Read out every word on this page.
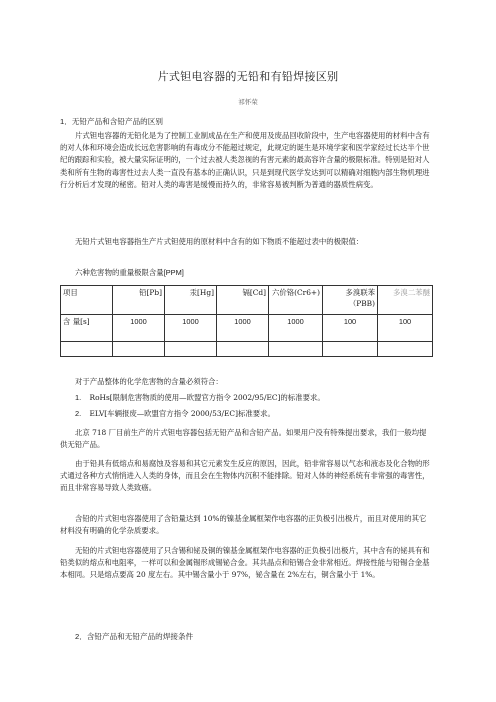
片式钽电容器的无铅和有铅焊接区别
祁怀荣
1．无铅产品和含铅产品的区别
片式钽电容器的无铅化是为了控制工业制成品在生产和使用及废品回收阶段中，生产电容器使用的材料中含有的对人体和环境会造成长远危害影响的有毒成分不能超过规定，此规定的诞生是环境学家和医学家经过长达半个世纪的跟踪和实验，被大量实际证明的，一个过去被人类忽视的有害元素的最高容许含量的极限标准。特别是铅对人类和所有生物的毒害性过去人类一直没有基本的正确认识，只是到现代医学发达到可以精确对细胞内部生物机理进行分析后才发现的秘密。铅对人类的毒害是缓慢而持久的，非常容易被判断为普通的器质性病变。
无铅片式钽电容器指生产片式钽使用的原材料中含有的如下物质不能超过表中的极限值：
六种危害物的重量极限含量[PPM]
项目	铅[Pb]	汞[Hg]	镉[Cd]	六价铬(Cr6+)	多溴联苯（PBB)	多溴二苯醚
含 量[s]	1000	1000	1000	1000	100	100

对于产品整体的化学危害物的含量必须符合：
1. RoHs[限制危害物质的使用—欧盟官方指令 2002/95/EC]的标准要求。
2. ELV[车辆报废—欧盟官方指令 2000/53/EC]标准要求。
北京 718 厂目前生产的片式钽电容器包括无铅产品和含铅产品。如果用户没有特殊提出要求，我们一般均提供无铅产品。
由于铅具有低熔点和易腐蚀及容易和其它元素发生反应的原因，因此，铅非常容易以气态和液态及化合物的形式通过各种方式悄悄进入人类的身体，而且会在生物体内沉积不能排除。铅对人体的神经系统有非常强的毒害性，而且非常容易导致人类致癌。
含铅的片式钽电容器使用了含铅量达到 10%的镍基金属框架作电容器的正负极引出极片，而且对使用的其它材料没有明确的化学杂质要求。
无铅的片式钽电容器使用了只含锡和铋及铜的镍基金属框架作电容器的正负极引出极片，其中含有的铋具有和铅类似的熔点和电阻率，一样可以和金属锡形成锡铋合金。其共晶点和铅锡合金非常相近。焊接性能与铅锡合金基本相同。只是熔点要高 20 度左右。其中锡含量小于 97%，铋含量在 2%左右，铜含量小于 1%。
2．含铅产品和无铅产品的焊接条件
